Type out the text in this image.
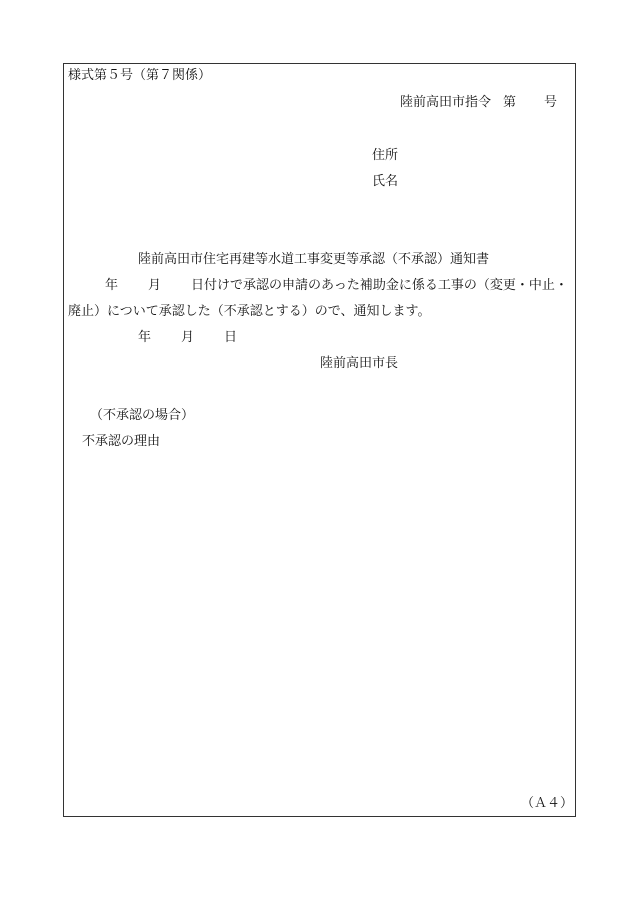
様式第５号（第７関係）
陸前高田市指令 第 号
住所
氏名
陸前高田市住宅再建等水道工事変更等承認（不承認）通知書
年 月 日付けで承認の申請のあった補助金に係る工事の（変更・中止・
廃止）について承認した（不承認とする）ので、通知します。
年 月 日
陸前高田市長
（不承認の場合）
不承認の理由
（Ａ４）
